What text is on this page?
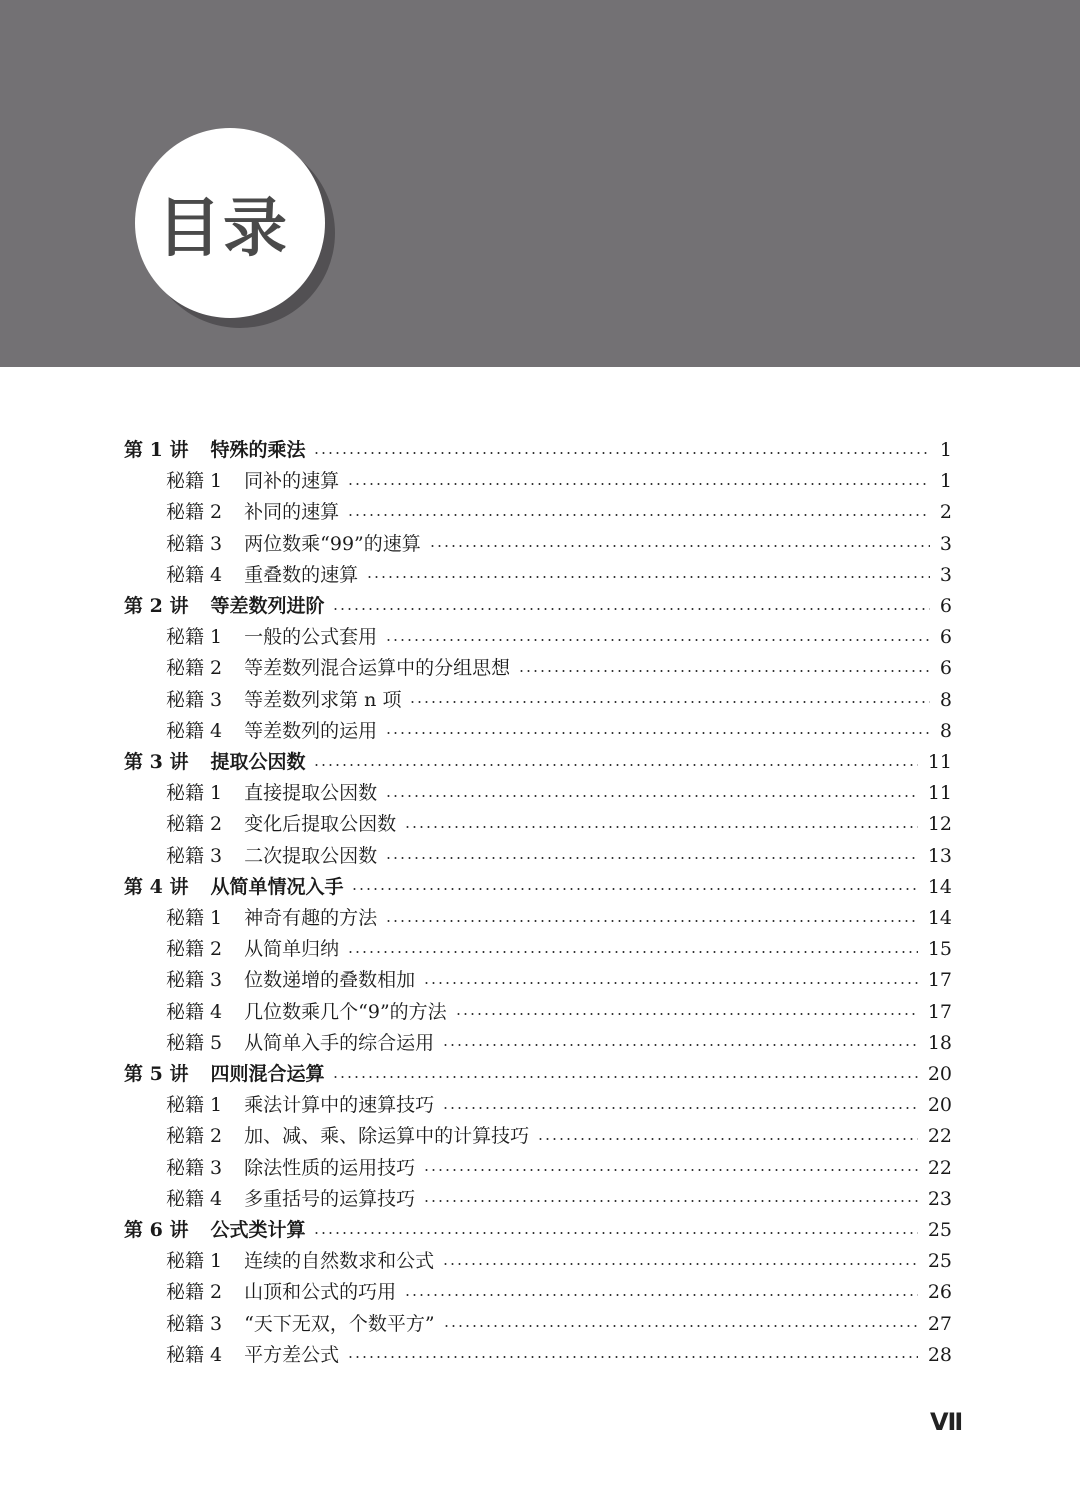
目录
第 1 讲 特殊的乘法	1
秘籍 1 同补的速算	1
秘籍 2 补同的速算	2
秘籍 3 两位数乘“99”的速算	3
秘籍 4 重叠数的速算	3
第 2 讲 等差数列进阶	6
秘籍 1 一般的公式套用	6
秘籍 2 等差数列混合运算中的分组思想	6
秘籍 3 等差数列求第 n 项	8
秘籍 4 等差数列的运用	8
第 3 讲 提取公因数	11
秘籍 1 直接提取公因数	11
秘籍 2 变化后提取公因数	12
秘籍 3 二次提取公因数	13
第 4 讲 从简单情况入手	14
秘籍 1 神奇有趣的方法	14
秘籍 2 从简单归纳	15
秘籍 3 位数递增的叠数相加	17
秘籍 4 几位数乘几个“9”的方法	17
秘籍 5 从简单入手的综合运用	18
第 5 讲 四则混合运算	20
秘籍 1 乘法计算中的速算技巧	20
秘籍 2 加、减、乘、除运算中的计算技巧	22
秘籍 3 除法性质的运用技巧	22
秘籍 4 多重括号的运算技巧	23
第 6 讲 公式类计算	25
秘籍 1 连续的自然数求和公式	25
秘籍 2 山顶和公式的巧用	26
秘籍 3 “天下无双，个数平方”	27
秘籍 4 平方差公式	28
Ⅶ
